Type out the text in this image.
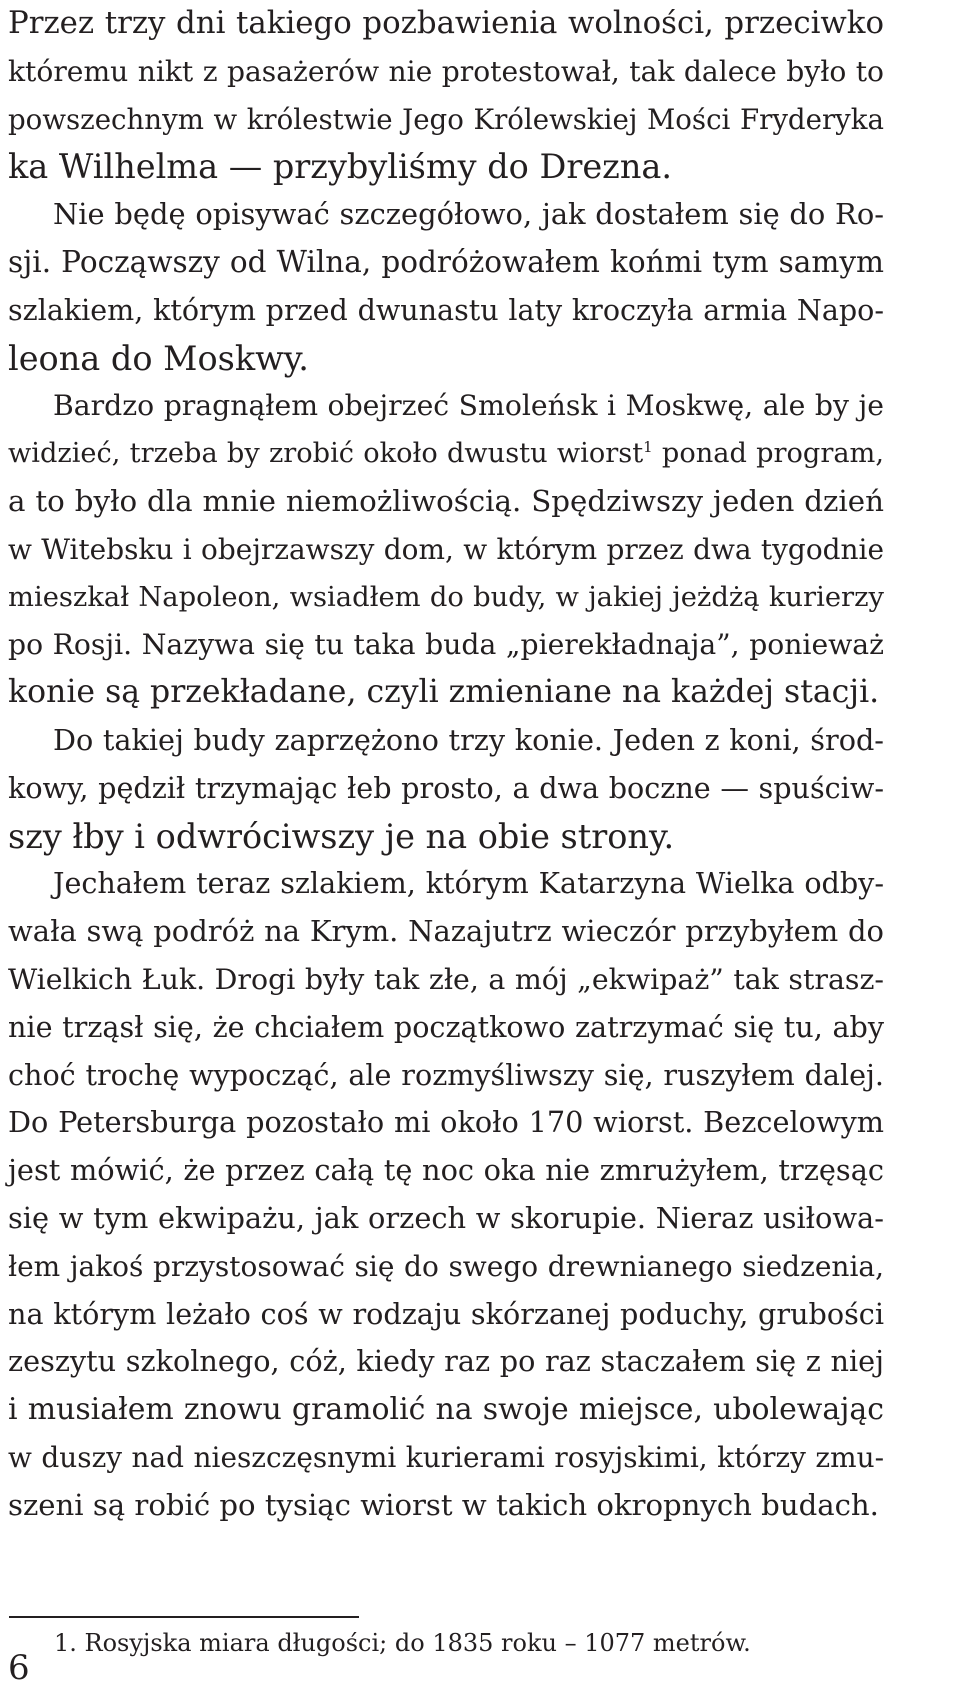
Przez trzy dni takiego pozbawienia wolności, przeciwko
któremu nikt z pasażerów nie protestował, tak dalece było to
powszechnym w królestwie Jego Królewskiej Mości Fryderyka
ka Wilhelma — przybyliśmy do Drezna.
Nie będę opisywać szczegółowo, jak dostałem się do Ro-
sji. Począwszy od Wilna, podróżowałem końmi tym samym
szlakiem, którym przed dwunastu laty kroczyła armia Napo-
leona do Moskwy.
Bardzo pragnąłem obejrzeć Smoleńsk i Moskwę, ale by je
widzieć, trzeba by zrobić około dwustu wiorst$^1$ ponad program,
a to było dla mnie niemożliwością. Spędziwszy jeden dzień
w Witebsku i obejrzawszy dom, w którym przez dwa tygodnie
mieszkał Napoleon, wsiadłem do budy, w jakiej jeżdżą kurierzy
po Rosji. Nazywa się tu taka buda „pierekładnaja”, ponieważ
konie są przekładane, czyli zmieniane na każdej stacji.
Do takiej budy zaprzężono trzy konie. Jeden z koni, środ-
kowy, pędził trzymając łeb prosto, a dwa boczne — spuściw-
szy łby i odwróciwszy je na obie strony.
Jechałem teraz szlakiem, którym Katarzyna Wielka odby-
wała swą podróż na Krym. Nazajutrz wieczór przybyłem do
Wielkich Łuk. Drogi były tak złe, a mój „ekwipaż” tak strasz-
nie trząsł się, że chciałem początkowo zatrzymać się tu, aby
choć trochę wypocząć, ale rozmyśliwszy się, ruszyłem dalej.
Do Petersburga pozostało mi około 170 wiorst. Bezcelowym
jest mówić, że przez całą tę noc oka nie zmrużyłem, trzęsąc
się w tym ekwipażu, jak orzech w skorupie. Nieraz usiłowa-
łem jakoś przystosować się do swego drewnianego siedzenia,
na którym leżało coś w rodzaju skórzanej poduchy, grubości
zeszytu szkolnego, cóż, kiedy raz po raz staczałem się z niej
i musiałem znowu gramolić na swoje miejsce, ubolewając
w duszy nad nieszczęsnymi kurierami rosyjskimi, którzy zmu-
szeni są robić po tysiąc wiorst w takich okropnych budach.
1. Rosyjska miara długości; do 1835 roku – 1077 metrów.
6
